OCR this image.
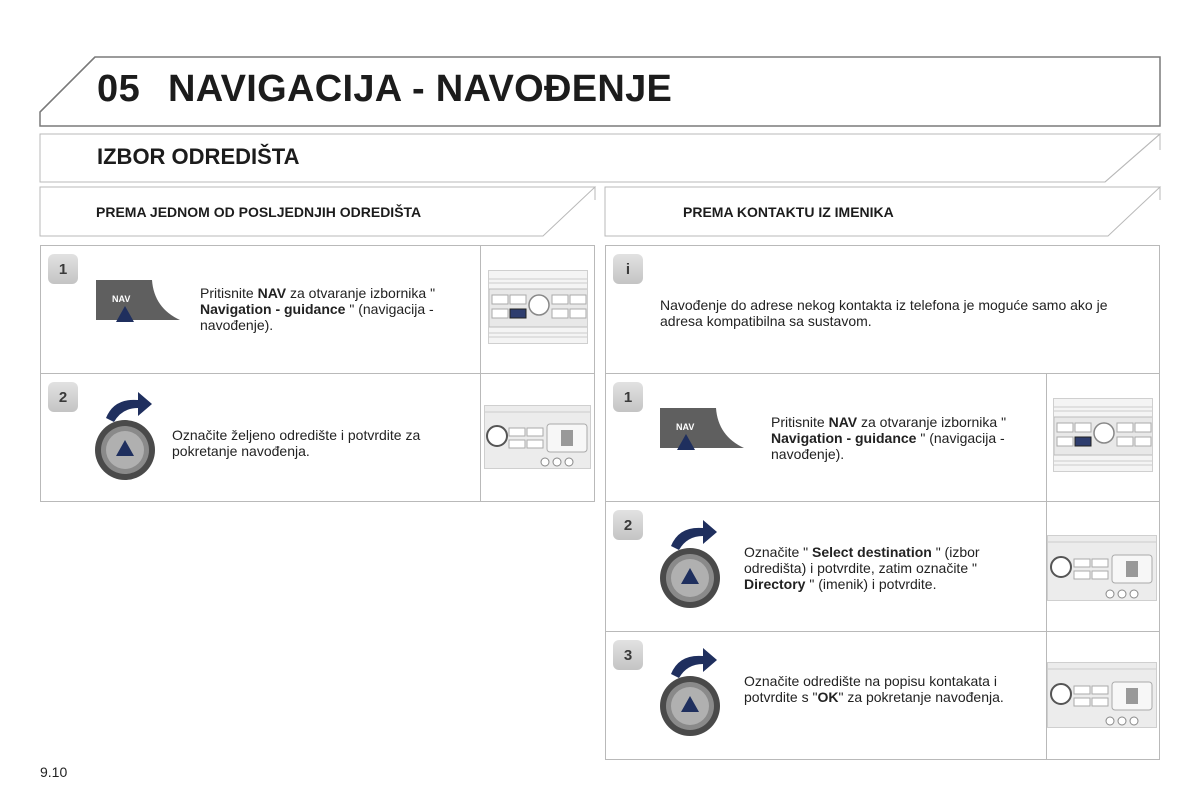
05 NAVIGACIJA - NAVOĐENJE
IZBOR ODREDIŠTA
PREMA JEDNOM OD POSLJEDNJIH ODREDIŠTA	PREMA KONTAKTU IZ IMENIKA
1
NAV	Pritisnite NAV za otvaranje izbornika " Navigation - guidance " (navigacija - navođenje).
2
Označite željeno odredište i potvrdite za pokretanje navođenja.
i
Navođenje do adrese nekog kontakta iz telefona je moguće samo ako je adresa kompatibilna sa sustavom.
1
NAV	Pritisnite NAV za otvaranje izbornika " Navigation - guidance " (navigacija - navođenje).
2
Označite " Select destination " (izbor odredišta) i potvrdite, zatim označite " Directory " (imenik) i potvrdite.
3
Označite odredište na popisu kontakata i potvrdite s "OK" za pokretanje navođenja.
9.10
